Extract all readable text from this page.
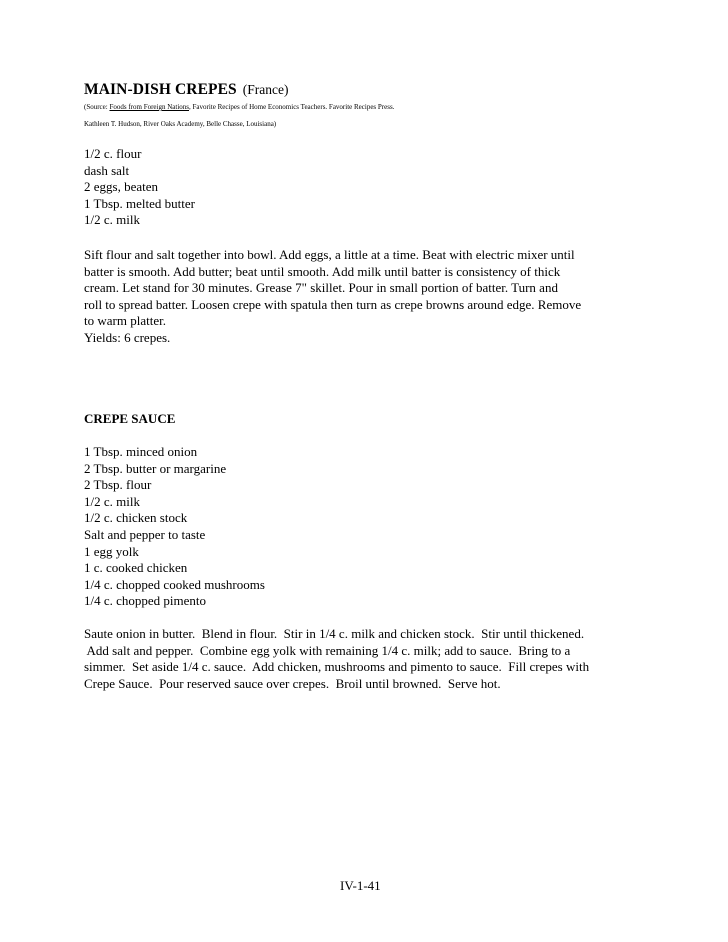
MAIN-DISH CREPES (France)
(Source: Foods from Foreign Nations, Favorite Recipes of Home Economics Teachers. Favorite Recipes Press.
Kathleen T. Hudson, River Oaks Academy, Belle Chasse, Louisiana)
1/2 c. flour
dash salt
2 eggs, beaten
1 Tbsp. melted butter
1/2 c. milk
Sift flour and salt together into bowl. Add eggs, a little at a time. Beat with electric mixer until
batter is smooth. Add butter; beat until smooth. Add milk until batter is consistency of thick
cream. Let stand for 30 minutes. Grease 7" skillet. Pour in small portion of batter. Turn and
roll to spread batter. Loosen crepe with spatula then turn as crepe browns around edge. Remove
to warm platter.
Yields: 6 crepes.
CREPE SAUCE
1 Tbsp. minced onion
2 Tbsp. butter or margarine
2 Tbsp. flour
1/2 c. milk
1/2 c. chicken stock
Salt and pepper to taste
1 egg yolk
1 c. cooked chicken
1/4 c. chopped cooked mushrooms
1/4 c. chopped pimento
Saute onion in butter.  Blend in flour.  Stir in 1/4 c. milk and chicken stock.  Stir until thickened.
Add salt and pepper.  Combine egg yolk with remaining 1/4 c. milk; add to sauce.  Bring to a
simmer.  Set aside 1/4 c. sauce.  Add chicken, mushrooms and pimento to sauce.  Fill crepes with
Crepe Sauce.  Pour reserved sauce over crepes.  Broil until browned.  Serve hot.
IV-1-41
